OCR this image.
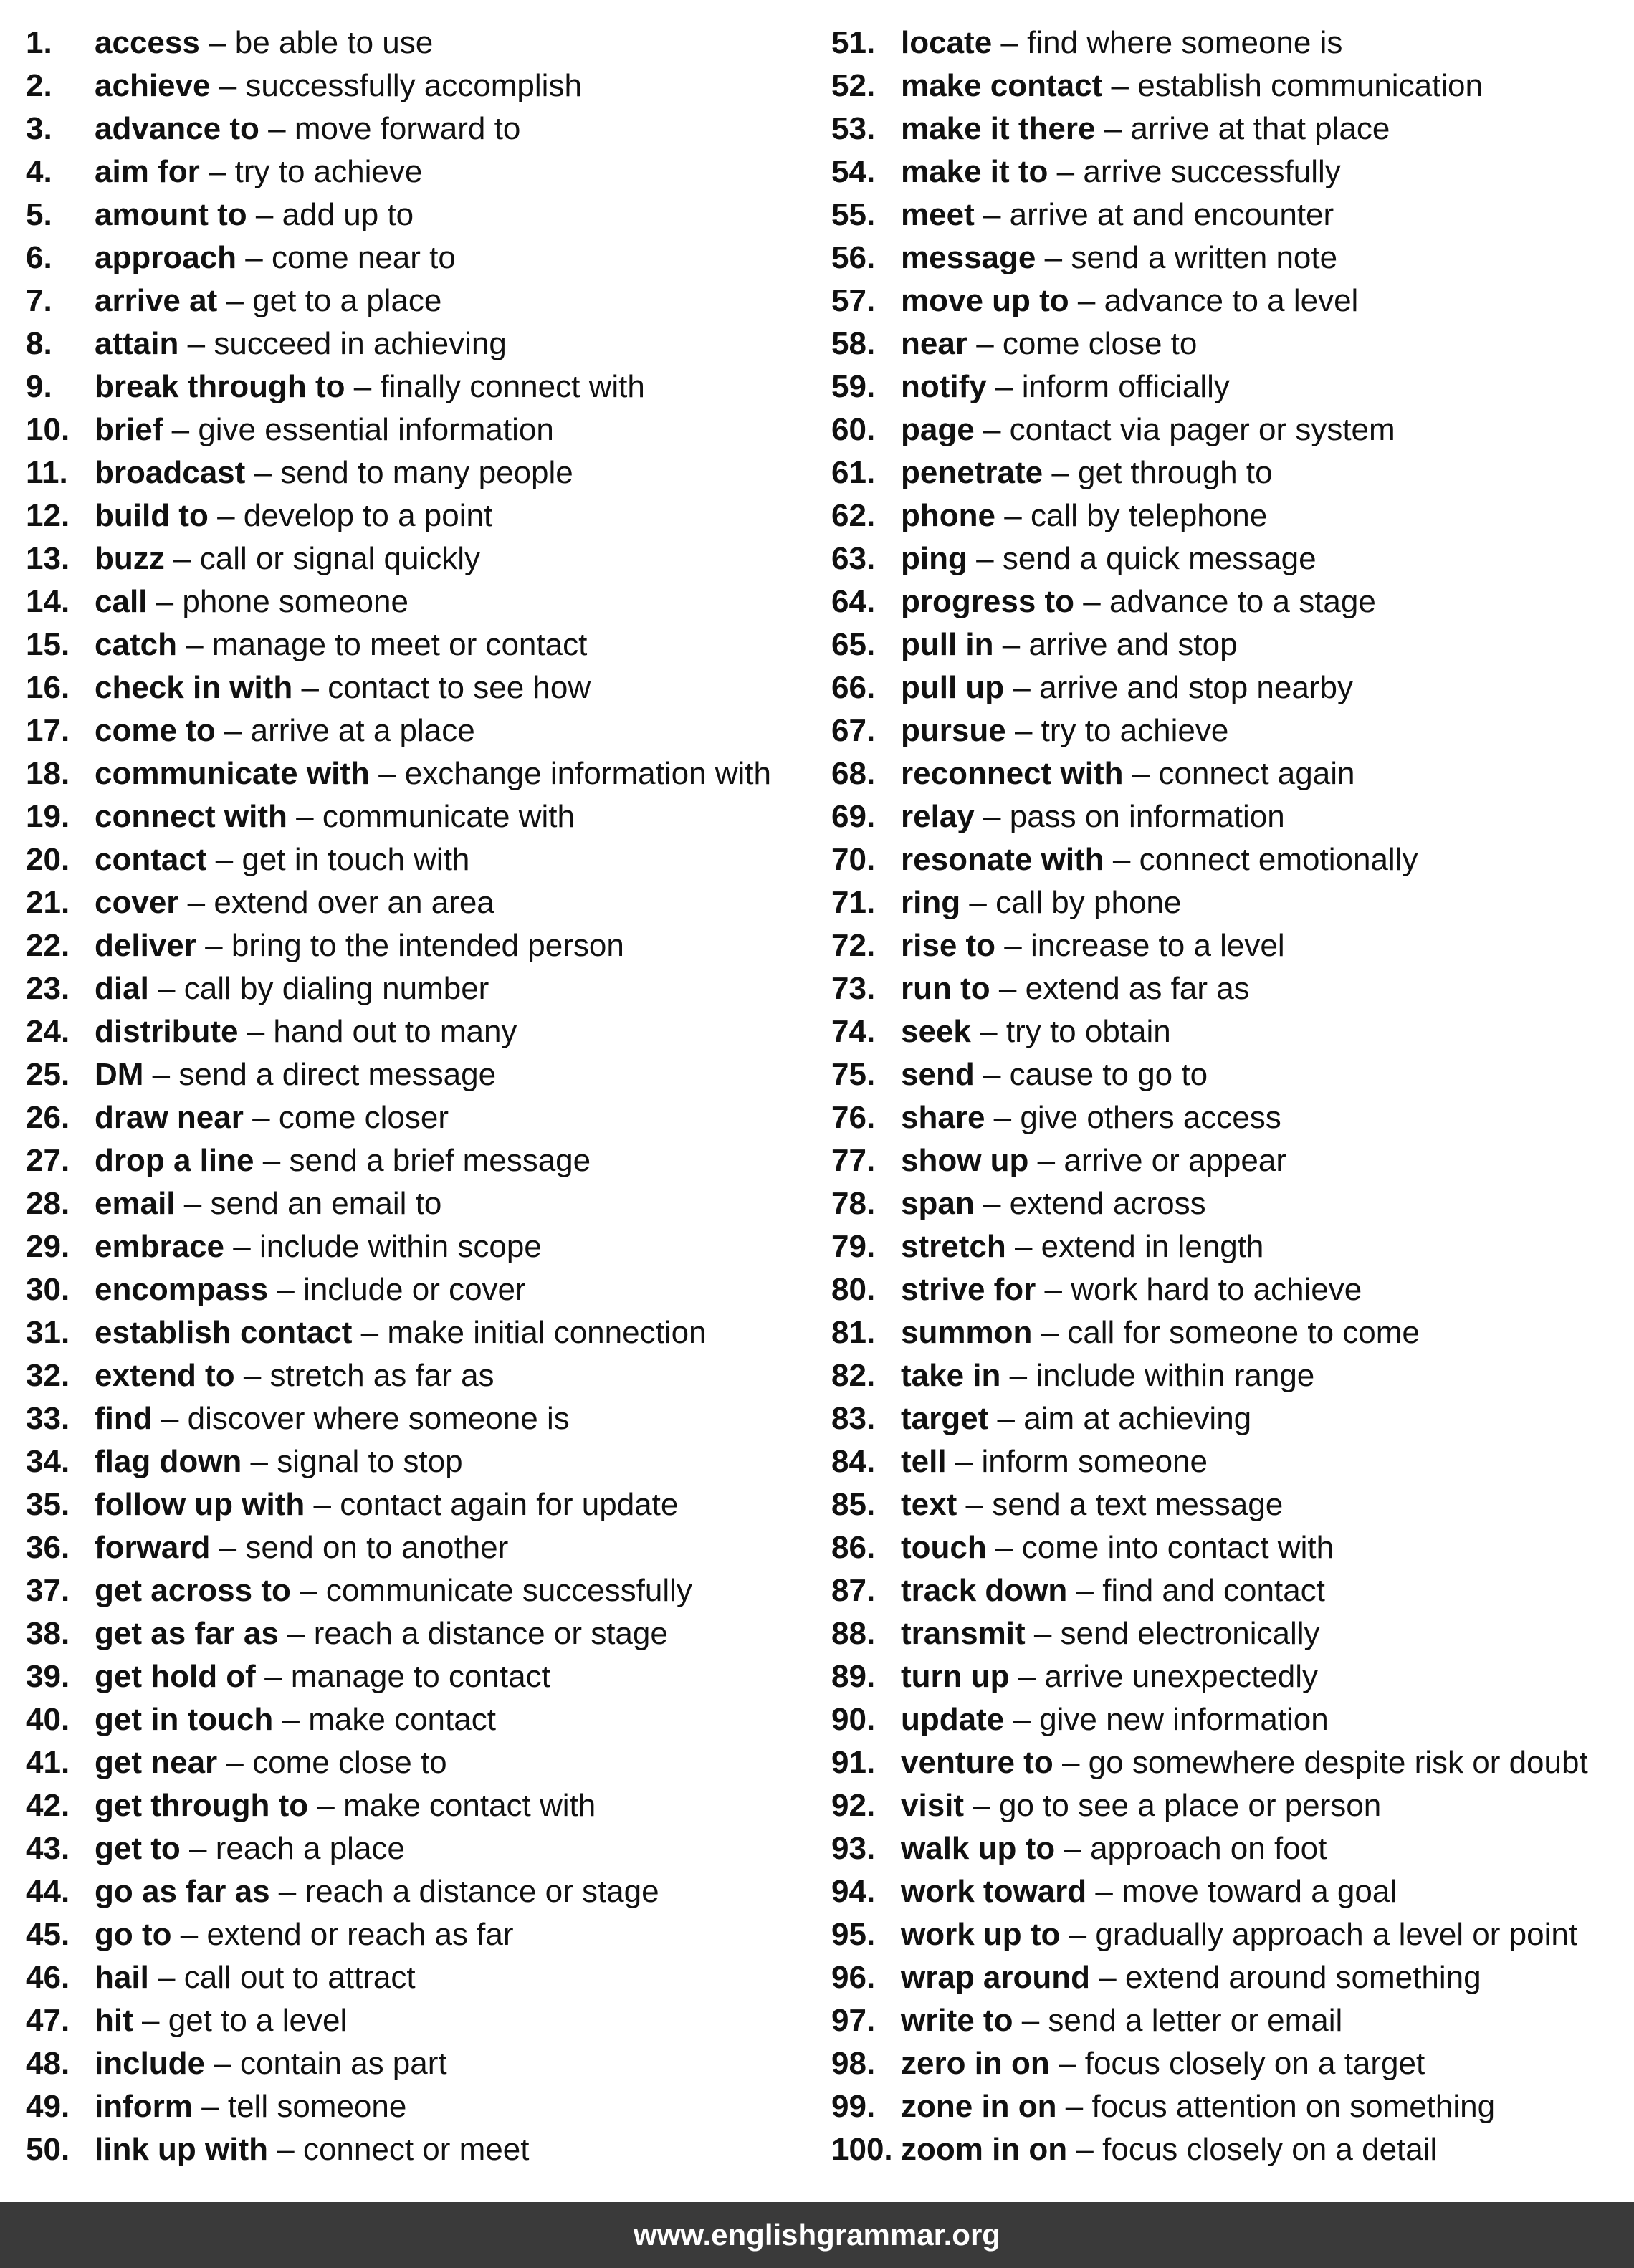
1. access – be able to use
2. achieve – successfully accomplish
3. advance to – move forward to
4. aim for – try to achieve
5. amount to – add up to
6. approach – come near to
7. arrive at – get to a place
8. attain – succeed in achieving
9. break through to – finally connect with
10. brief – give essential information
11. broadcast – send to many people
12. build to – develop to a point
13. buzz – call or signal quickly
14. call – phone someone
15. catch – manage to meet or contact
16. check in with – contact to see how
17. come to – arrive at a place
18. communicate with – exchange information with
19. connect with – communicate with
20. contact – get in touch with
21. cover – extend over an area
22. deliver – bring to the intended person
23. dial – call by dialing number
24. distribute – hand out to many
25. DM – send a direct message
26. draw near – come closer
27. drop a line – send a brief message
28. email – send an email to
29. embrace – include within scope
30. encompass – include or cover
31. establish contact – make initial connection
32. extend to – stretch as far as
33. find – discover where someone is
34. flag down – signal to stop
35. follow up with – contact again for update
36. forward – send on to another
37. get across to – communicate successfully
38. get as far as – reach a distance or stage
39. get hold of – manage to contact
40. get in touch – make contact
41. get near – come close to
42. get through to – make contact with
43. get to – reach a place
44. go as far as – reach a distance or stage
45. go to – extend or reach as far
46. hail – call out to attract
47. hit – get to a level
48. include – contain as part
49. inform – tell someone
50. link up with – connect or meet
51. locate – find where someone is
52. make contact – establish communication
53. make it there – arrive at that place
54. make it to – arrive successfully
55. meet – arrive at and encounter
56. message – send a written note
57. move up to – advance to a level
58. near – come close to
59. notify – inform officially
60. page – contact via pager or system
61. penetrate – get through to
62. phone – call by telephone
63. ping – send a quick message
64. progress to – advance to a stage
65. pull in – arrive and stop
66. pull up – arrive and stop nearby
67. pursue – try to achieve
68. reconnect with – connect again
69. relay – pass on information
70. resonate with – connect emotionally
71. ring – call by phone
72. rise to – increase to a level
73. run to – extend as far as
74. seek – try to obtain
75. send – cause to go to
76. share – give others access
77. show up – arrive or appear
78. span – extend across
79. stretch – extend in length
80. strive for – work hard to achieve
81. summon – call for someone to come
82. take in – include within range
83. target – aim at achieving
84. tell – inform someone
85. text – send a text message
86. touch – come into contact with
87. track down – find and contact
88. transmit – send electronically
89. turn up – arrive unexpectedly
90. update – give new information
91. venture to – go somewhere despite risk or doubt
92. visit – go to see a place or person
93. walk up to – approach on foot
94. work toward – move toward a goal
95. work up to – gradually approach a level or point
96. wrap around – extend around something
97. write to – send a letter or email
98. zero in on – focus closely on a target
99. zone in on – focus attention on something
100. zoom in on – focus closely on a detail
www.englishgrammar.org
